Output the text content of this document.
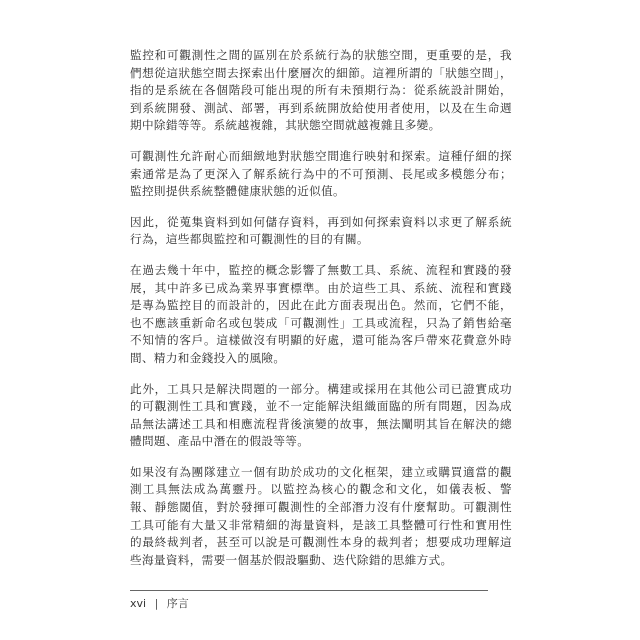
監控和可觀測性之間的區別在於系統行為的狀態空間，更重要的是，我們想從這狀態空間去探索出什麼層次的細節。這裡所謂的「狀態空間」，指的是系統在各個階段可能出現的所有未預期行為：從系統設計開始，到系統開發、測試、部署，再到系統開放給使用者使用，以及在生命週期中除錯等等。系統越複雜，其狀態空間就越複雜且多變。

可觀測性允許耐心而細緻地對狀態空間進行映射和探索。這種仔細的探索通常是為了更深入了解系統行為中的不可預測、長尾或多模態分布；監控則提供系統整體健康狀態的近似值。

因此，從蒐集資料到如何儲存資料，再到如何探索資料以求更了解系統行為，這些都與監控和可觀測性的目的有關。

在過去幾十年中，監控的概念影響了無數工具、系統、流程和實踐的發展，其中許多已成為業界事實標準。由於這些工具、系統、流程和實踐是專為監控目的而設計的，因此在此方面表現出色。然而，它們不能，也不應該重新命名或包裝成「可觀測性」工具或流程，只為了銷售給毫不知情的客戶。這樣做沒有明顯的好處，還可能為客戶帶來花費意外時間、精力和金錢投入的風險。

此外，工具只是解決問題的一部分。構建或採用在其他公司已證實成功的可觀測性工具和實踐，並不一定能解決組織面臨的所有問題，因為成品無法講述工具和相應流程背後演變的故事，無法闡明其旨在解決的總體問題、產品中潛在的假設等等。

如果沒有為團隊建立一個有助於成功的文化框架，建立或購買適當的觀測工具無法成為萬靈丹。以監控為核心的觀念和文化，如儀表板、警報、靜態閾值，對於發揮可觀測性的全部潛力沒有什麼幫助。可觀測性工具可能有大量又非常精細的海量資料，是該工具整體可行性和實用性的最終裁判者，甚至可以說是可觀測性本身的裁判者；想要成功理解這些海量資料，需要一個基於假設驅動、迭代除錯的思維方式。

xvi | 序言
